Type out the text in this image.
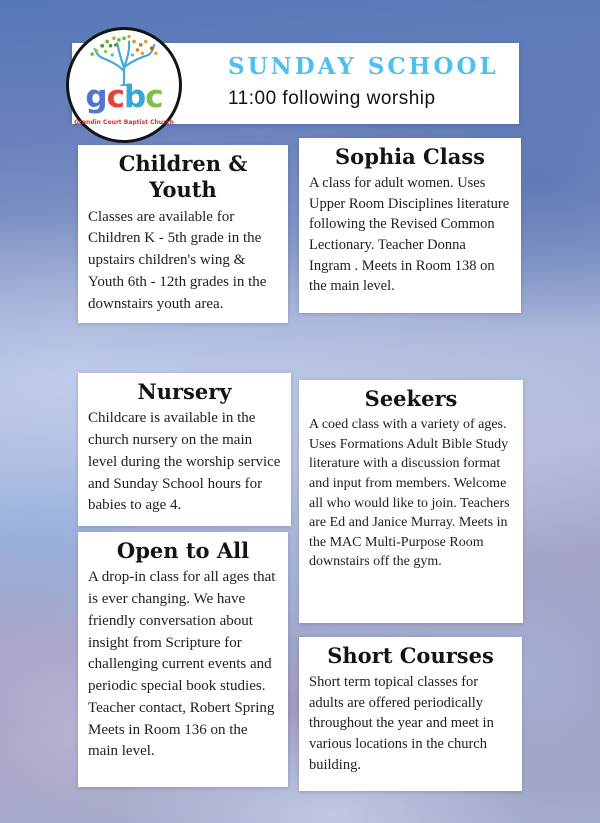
SUNDAY SCHOOL
11:00 following worship
gcbc
Grandin Court Baptist Church
Children & Youth

Classes are available for Children K - 5th grade in the upstairs children's wing & Youth 6th - 12th grades in the downstairs youth area.

Sophia Class

A class for adult women. Uses Upper Room Disciplines literature following the Revised Common Lectionary. Teacher Donna Ingram . Meets in Room 138 on the main level.

Nursery

Childcare is available in the church nursery on the main level during the worship service and Sunday School hours for babies to age 4.

Open to All

A drop-in class for all ages that is ever changing. We have friendly conversation about insight from Scripture for challenging current events and periodic special book studies. Teacher contact, Robert Spring Meets in Room 136 on the main level.

Seekers

A coed class with a variety of ages. Uses Formations Adult Bible Study literature with a discussion format and input from members. Welcome all who would like to join. Teachers are Ed and Janice Murray. Meets in the MAC Multi-Purpose Room downstairs off the gym.

Short Courses

Short term topical classes for adults are offered periodically throughout the year and meet in various locations in the church building.
